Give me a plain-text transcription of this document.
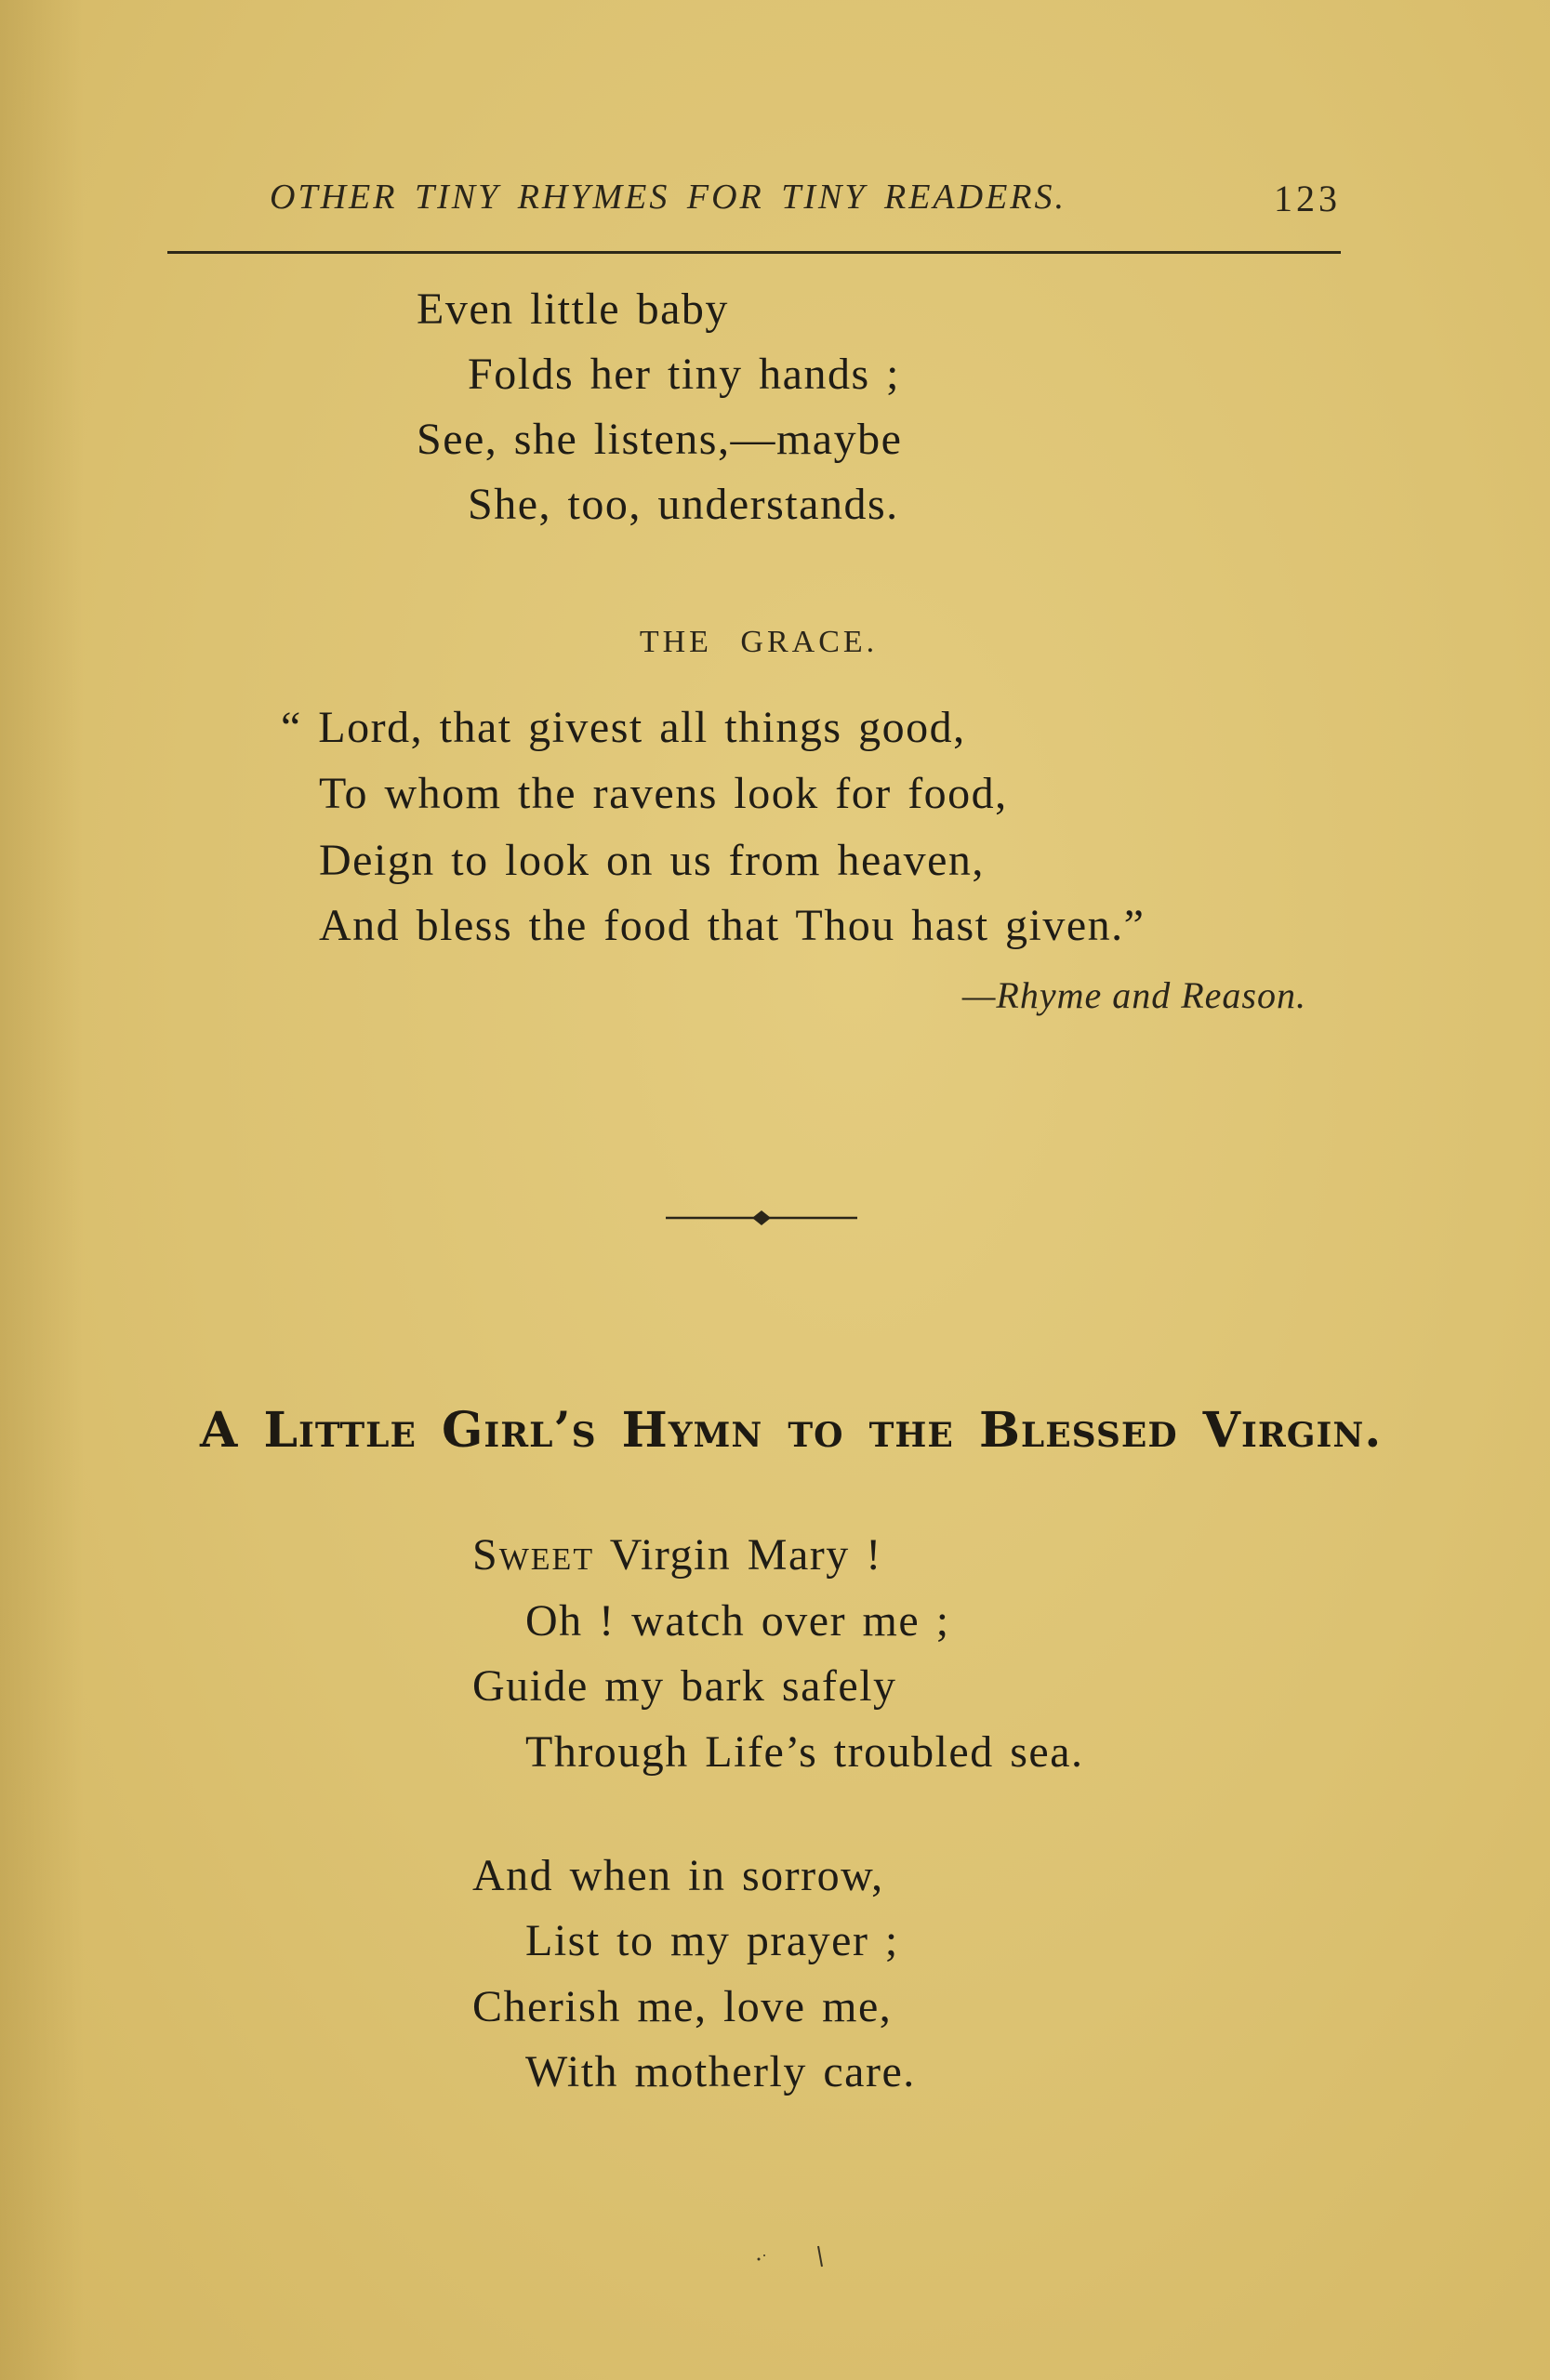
OTHER TINY RHYMES FOR TINY READERS.	123
Even little baby
Folds her tiny hands ;
See, she listens,—maybe
She, too, understands.
THE GRACE.
“ Lord, that givest all things good,
To whom the ravens look for food,
Deign to look on us from heaven,
And bless the food that Thou hast given.”
—Rhyme and Reason.
A Little Girl’s Hymn to the Blessed Virgin.
Sweet Virgin Mary !
Oh ! watch over me ;
Guide my bark safely
Through Life’s troubled sea.
And when in sorrow,
List to my prayer ;
Cherish me, love me,
With motherly care.
